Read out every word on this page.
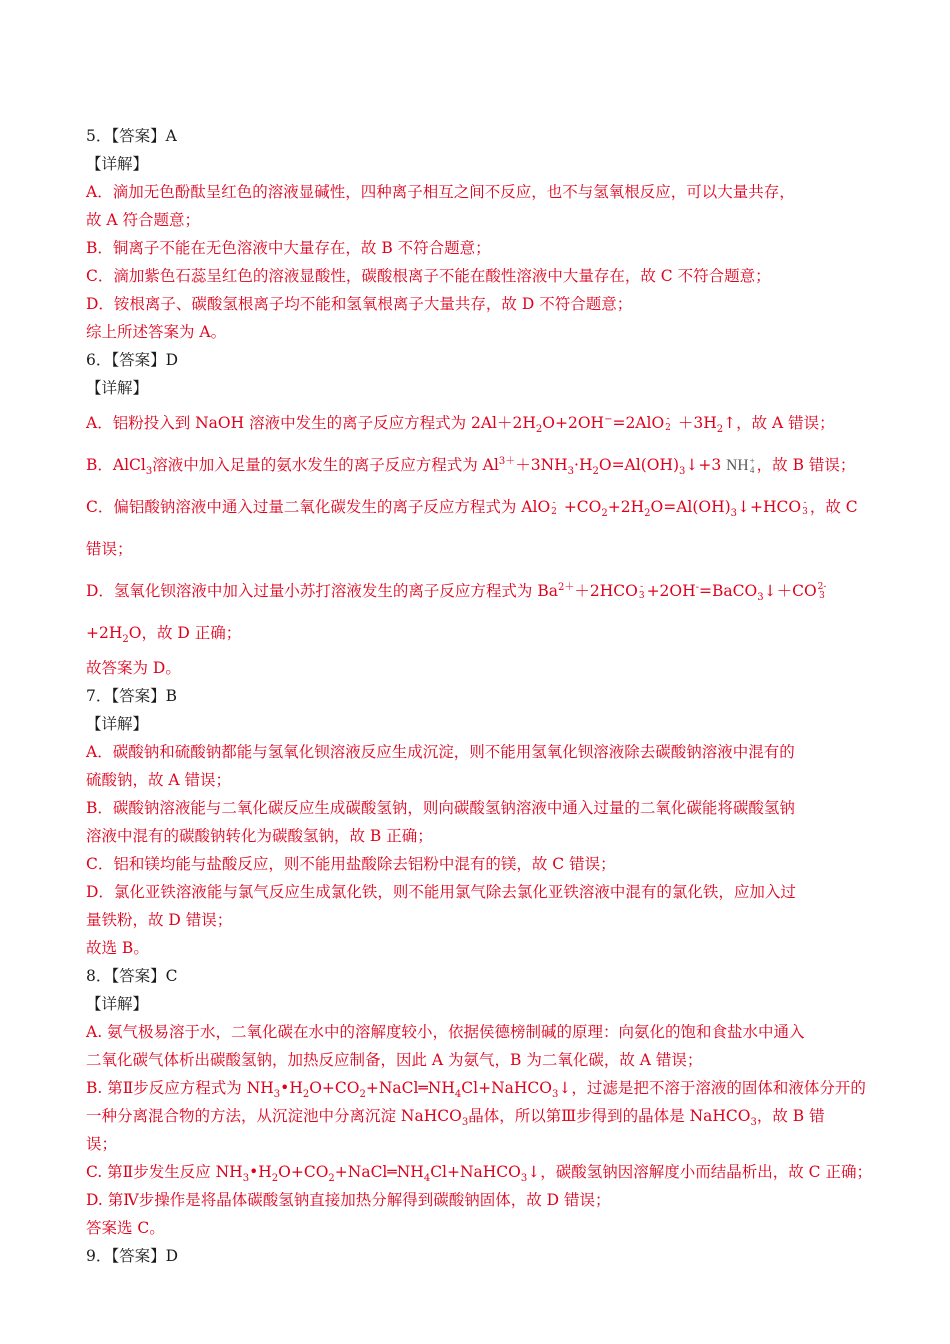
5．【答案】A
【详解】
A．滴加无色酚酞呈红色的溶液显碱性，四种离子相互之间不反应，也不与氢氧根反应，可以大量共存，
故 A 符合题意；
B．铜离子不能在无色溶液中大量存在，故 B 不符合题意；
C．滴加紫色石蕊呈红色的溶液显酸性，碳酸根离子不能在酸性溶液中大量存在，故 C 不符合题意；
D．铵根离子、碳酸氢根离子均不能和氢氧根离子大量共存，故 D 不符合题意；
综上所述答案为 A。
6．【答案】D
【详解】
A．铝粉投入到 NaOH 溶液中发生的离子反应方程式为 $2Al+2H_2O+2OH^-=2AlO$ -
$2 +3H_2↑$，故 A 错误；
B．AlCl$_3$溶液中加入足量的氨水发生的离子反应方程式为 $Al^{3+}+3NH_3\cdot H_2O=Al(OH)_3↓+3$ NH +
4 ，故 B 错误；
C．偏铝酸钠溶液中通入过量二氧化碳发生的离子反应方程式为 AlO -
$2 +CO_2+2H_2O=Al(OH)_3↓+HCO$ -
3 ，故 C
错误；
D．氢氧化钡溶液中加入过量小苏打溶液发生的离子反应方程式为 $Ba^{2+}+2HCO$ -
3 +2OH-=BaCO$_3$↓＋CO 2-
3
$+2H_2O$，故 D 正确；
故答案为 D。
7．【答案】B
【详解】
A．碳酸钠和硫酸钠都能与氢氧化钡溶液反应生成沉淀，则不能用氢氧化钡溶液除去碳酸钠溶液中混有的
硫酸钠，故 A 错误；
B．碳酸钠溶液能与二氧化碳反应生成碳酸氢钠，则向碳酸氢钠溶液中通入过量的二氧化碳能将碳酸氢钠
溶液中混有的碳酸钠转化为碳酸氢钠，故 B 正确；
C．铝和镁均能与盐酸反应，则不能用盐酸除去铝粉中混有的镁，故 C 错误；
D．氯化亚铁溶液能与氯气反应生成氯化铁，则不能用氯气除去氯化亚铁溶液中混有的氯化铁，应加入过
量铁粉，故 D 错误；
故选 B。
8．【答案】C
【详解】
A. 氨气极易溶于水，二氧化碳在水中的溶解度较小，依据侯德榜制碱的原理：向氨化的饱和食盐水中通入
二氧化碳气体析出碳酸氢钠，加热反应制备，因此 A 为氨气，B 为二氧化碳，故 A 错误；
B. 第Ⅱ步反应方程式为 $NH_3•H_2O+CO_2+NaCl═NH_4Cl+NaHCO_3↓$，过滤是把不溶于溶液的固体和液体分开的
一种分离混合物的方法，从沉淀池中分离沉淀 NaHCO$_3$晶体，所以第Ⅲ步得到的晶体是 NaHCO$_3$，故 B 错
误；
C. 第Ⅱ步发生反应 $NH_3•H_2O+CO_2+NaCl═NH_4Cl+NaHCO_3↓$，碳酸氢钠因溶解度小而结晶析出，故 C 正确；
D. 第Ⅳ步操作是将晶体碳酸氢钠直接加热分解得到碳酸钠固体，故 D 错误；
答案选 C。
9．【答案】D
